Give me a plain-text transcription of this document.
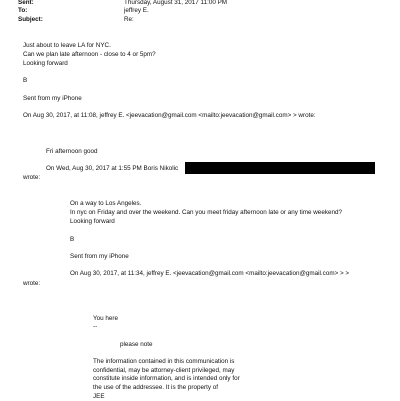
Sent:	Thursday, August 31, 2017 11:00 PM
To:	jeffrey E.
Subject:	Re:
Just about to leave LA for NYC.
Can we plan late afternoon - close to 4 or 5pm?
Looking forward
B
Sent from my iPhone
On Aug 30, 2017, at 11:08, jeffrey E. <jeevacation@gmail.com <mailto:jeevacation@gmail.com> > wrote:
Fri afternoon good
On Wed, Aug 30, 2017 at 1:55 PM Boris Nikolic
wrote:
On a way to Los Angeles.
In nyc on Friday and over the weekend. Can you meet friday afternoon late or any time weekend?
Looking forward
B
Sent from my iPhone
On Aug 30, 2017, at 11:34, jeffrey E. <jeevacation@gmail.com <mailto:jeevacation@gmail.com> > >
wrote:
You here
--
please note
The information contained in this communication is
confidential, may be attorney-client privileged, may
constitute inside information, and is intended only for
the use of the addressee. It is the property of
JEE
